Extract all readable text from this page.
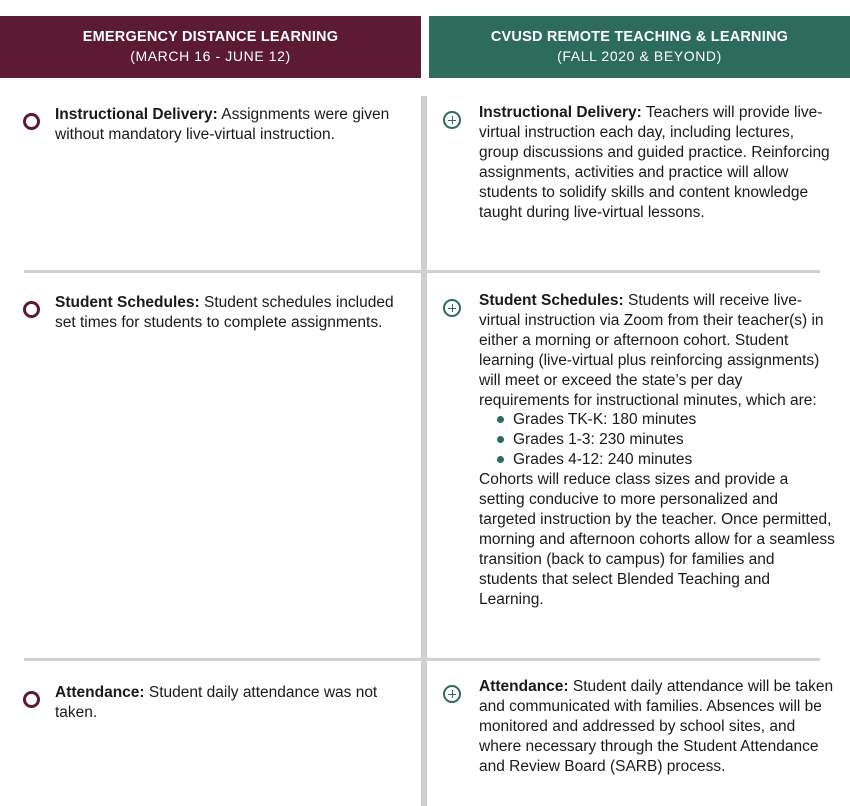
EMERGENCY DISTANCE LEARNING
(MARCH 16 - JUNE 12)
CVUSD REMOTE TEACHING & LEARNING
(FALL 2020 & BEYOND)
Instructional Delivery: Assignments were given without mandatory live-virtual instruction.
Instructional Delivery: Teachers will provide live-virtual instruction each day, including lectures, group discussions and guided practice. Reinforcing assignments, activities and practice will allow students to solidify skills and content knowledge taught during live-virtual lessons.
Student Schedules: Student schedules included set times for students to complete assignments.
Student Schedules: Students will receive live-virtual instruction via Zoom from their teacher(s) in either a morning or afternoon cohort. Student learning (live-virtual plus reinforcing assignments) will meet or exceed the state’s per day requirements for instructional minutes, which are:
Grades TK-K: 180 minutes
Grades 1-3: 230 minutes
Grades 4-12: 240 minutes
Cohorts will reduce class sizes and provide a setting conducive to more personalized and targeted instruction by the teacher. Once permitted, morning and afternoon cohorts allow for a seamless transition (back to campus) for families and students that select Blended Teaching and Learning.
Attendance: Student daily attendance was not taken.
Attendance: Student daily attendance will be taken and communicated with families. Absences will be monitored and addressed by school sites, and where necessary through the Student Attendance and Review Board (SARB) process.
